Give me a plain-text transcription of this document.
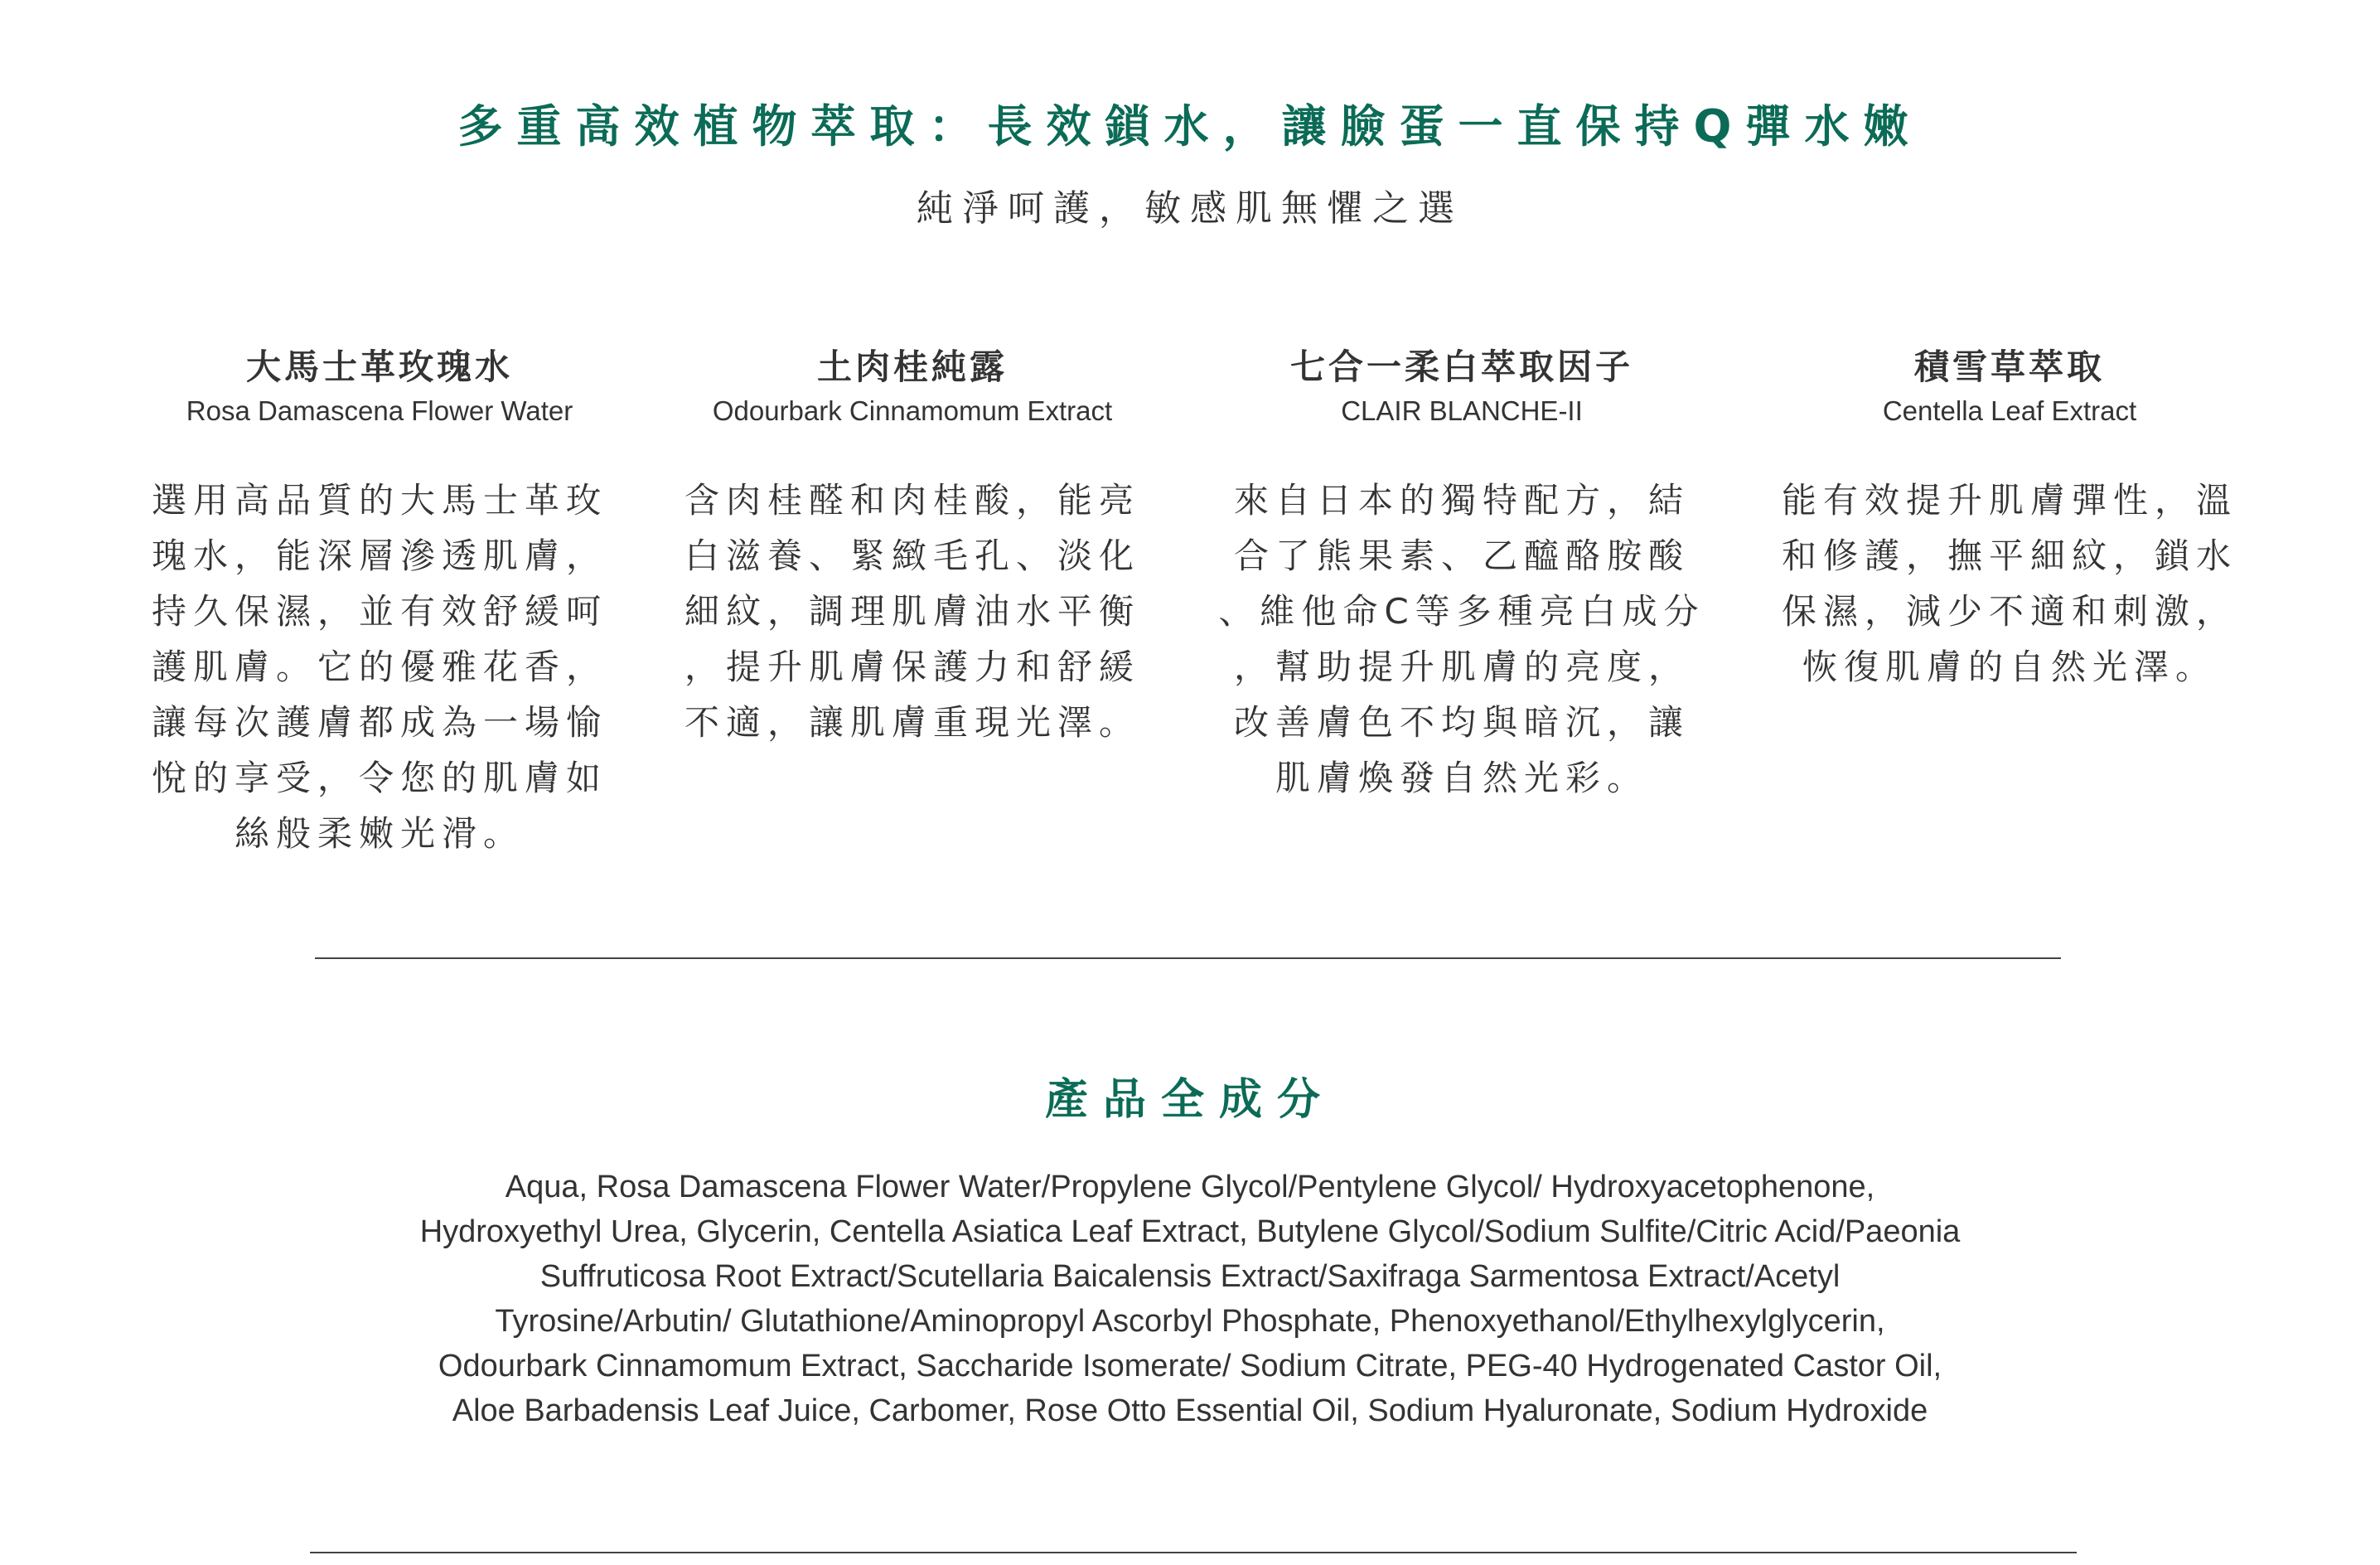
多重高效植物萃取：長效鎖水，讓臉蛋一直保持Q彈水嫩
純淨呵護，敏感肌無懼之選
大馬士革玫瑰水
Rosa Damascena Flower Water
選用高品質的大馬士革玫
瑰水，能深層滲透肌膚，
持久保濕，並有效舒緩呵
護肌膚。它的優雅花香，
讓每次護膚都成為一場愉
悅的享受，令您的肌膚如
絲般柔嫩光滑。
土肉桂純露
Odourbark Cinnamomum Extract
含肉桂醛和肉桂酸，能亮
白滋養、緊緻毛孔、淡化
細紋，調理肌膚油水平衡
，提升肌膚保護力和舒緩
不適，讓肌膚重現光澤。
七合一柔白萃取因子
CLAIR BLANCHE-II
來自日本的獨特配方，結
合了熊果素、乙醯酪胺酸
、維他命C等多種亮白成分
，幫助提升肌膚的亮度，
改善膚色不均與暗沉，讓
肌膚煥發自然光彩。
積雪草萃取
Centella Leaf Extract
能有效提升肌膚彈性，溫
和修護，撫平細紋，鎖水
保濕，減少不適和刺激，
恢復肌膚的自然光澤。
產品全成分
Aqua, Rosa Damascena Flower Water/Propylene Glycol/Pentylene Glycol/ Hydroxyacetophenone,
Hydroxyethyl Urea, Glycerin, Centella Asiatica Leaf Extract, Butylene Glycol/Sodium Sulfite/Citric Acid/Paeonia
Suffruticosa Root Extract/Scutellaria Baicalensis Extract/Saxifraga Sarmentosa Extract/Acetyl
Tyrosine/Arbutin/ Glutathione/Aminopropyl Ascorbyl Phosphate, Phenoxyethanol/Ethylhexylglycerin,
Odourbark Cinnamomum Extract, Saccharide Isomerate/ Sodium Citrate, PEG-40 Hydrogenated Castor Oil,
Aloe Barbadensis Leaf Juice, Carbomer, Rose Otto Essential Oil, Sodium Hyaluronate, Sodium Hydroxide
